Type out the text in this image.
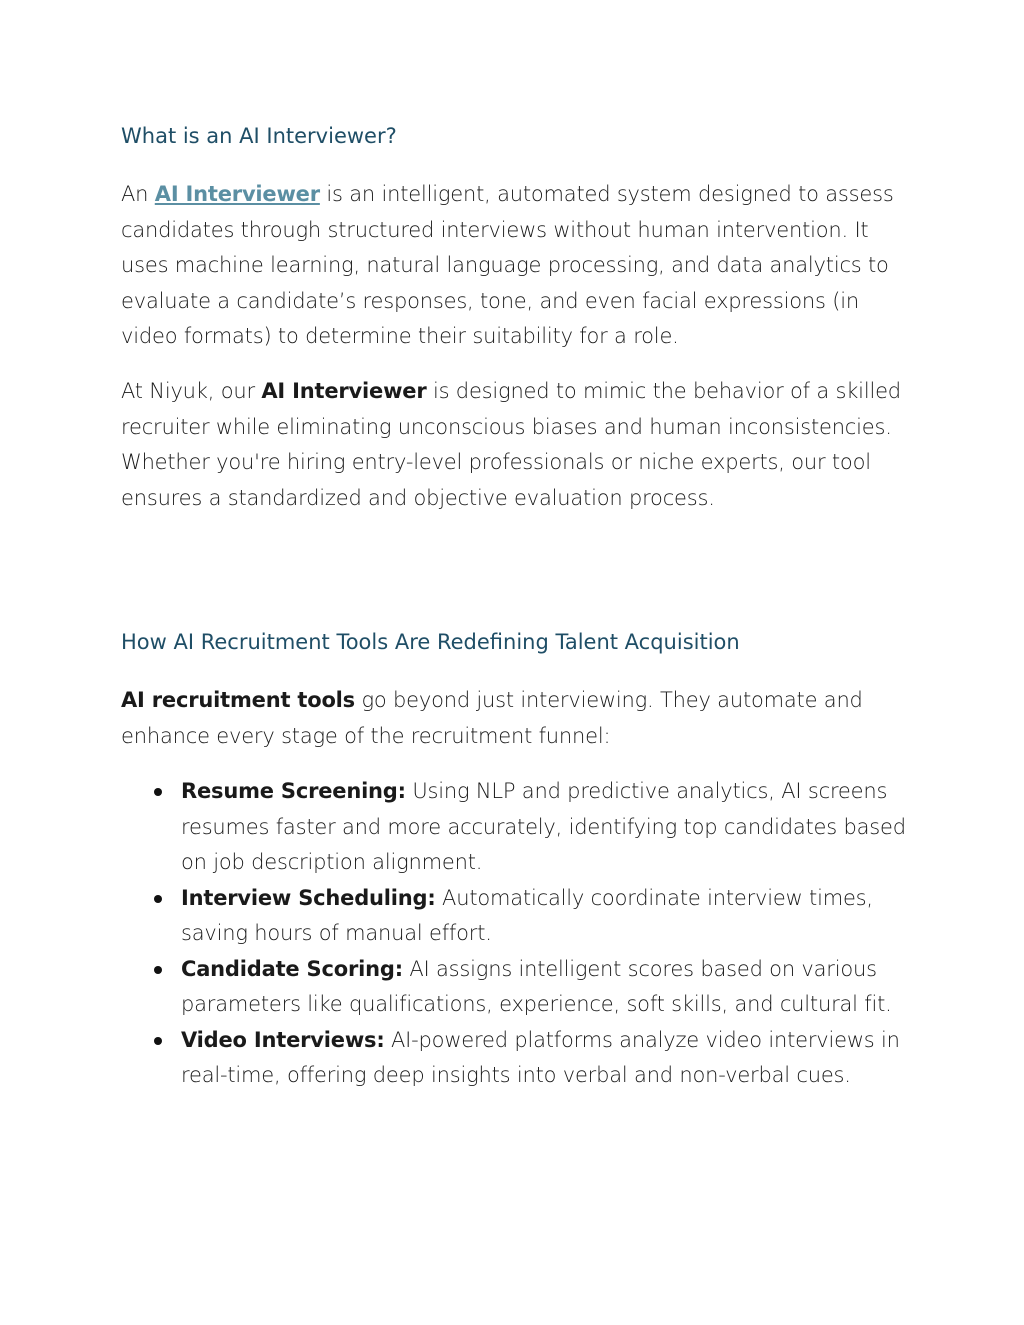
What is an AI Interviewer?

An AI Interviewer is an intelligent, automated system designed to assess candidates through structured interviews without human intervention. It uses machine learning, natural language processing, and data analytics to evaluate a candidate’s responses, tone, and even facial expressions (in video formats) to determine their suitability for a role.

At Niyuk, our AI Interviewer is designed to mimic the behavior of a skilled recruiter while eliminating unconscious biases and human inconsistencies. Whether you're hiring entry-level professionals or niche experts, our tool ensures a standardized and objective evaluation process.

How AI Recruitment Tools Are Redefining Talent Acquisition

AI recruitment tools go beyond just interviewing. They automate and enhance every stage of the recruitment funnel:

Resume Screening: Using NLP and predictive analytics, AI screens resumes faster and more accurately, identifying top candidates based on job description alignment.
Interview Scheduling: Automatically coordinate interview times, saving hours of manual effort.
Candidate Scoring: AI assigns intelligent scores based on various parameters like qualifications, experience, soft skills, and cultural fit.
Video Interviews: AI-powered platforms analyze video interviews in real-time, offering deep insights into verbal and non-verbal cues.
